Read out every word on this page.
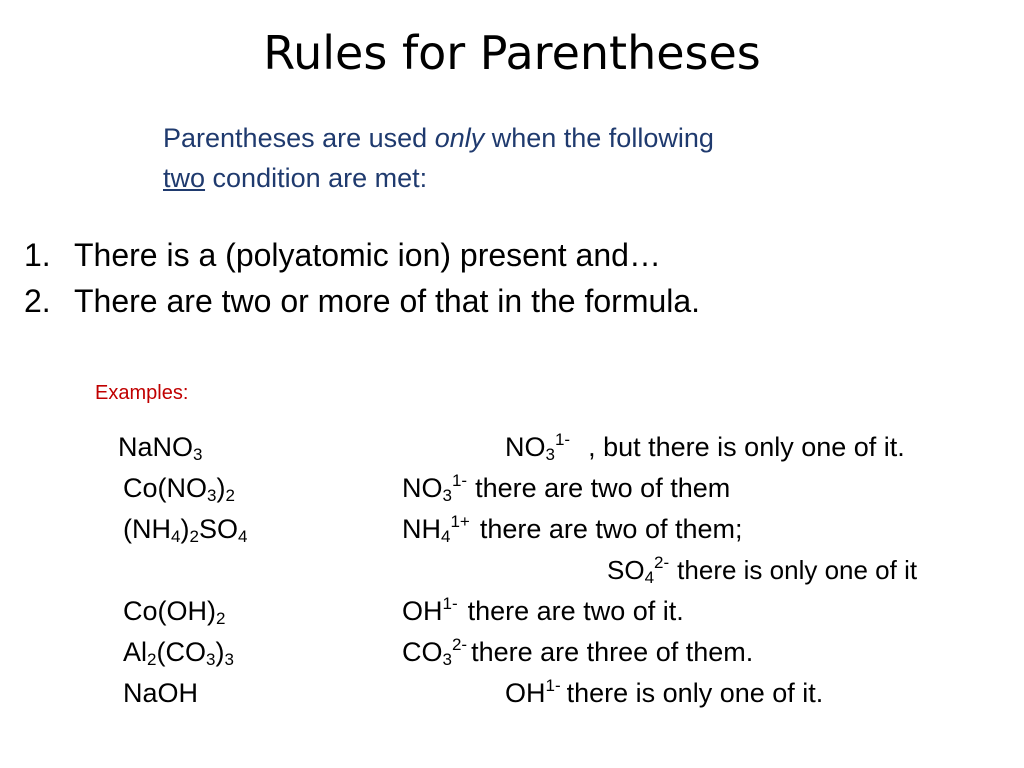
Rules for Parentheses
Parentheses are used only when the following
two condition are met:
1. There is a (polyatomic ion) present and…
2. There are two or more of that in the formula.
Examples:
NaNO$_3$	$NO_3^{1-}$ , but there is only one of it.
$Co(NO_3)_2$	$NO_3^{1-}$ there are two of them
$(NH_4)_2SO_4$	$NH_4^{1+}$ there are two of them;
$SO_4^{2-}$ there is only one of it
$Co(OH)_2$	$OH^{1-}$ there are two of it.
$Al_2(CO_3)_3$	$CO_3^{2-}$ there are three of them.
NaOH	$OH^{1-}$ there is only one of it.
